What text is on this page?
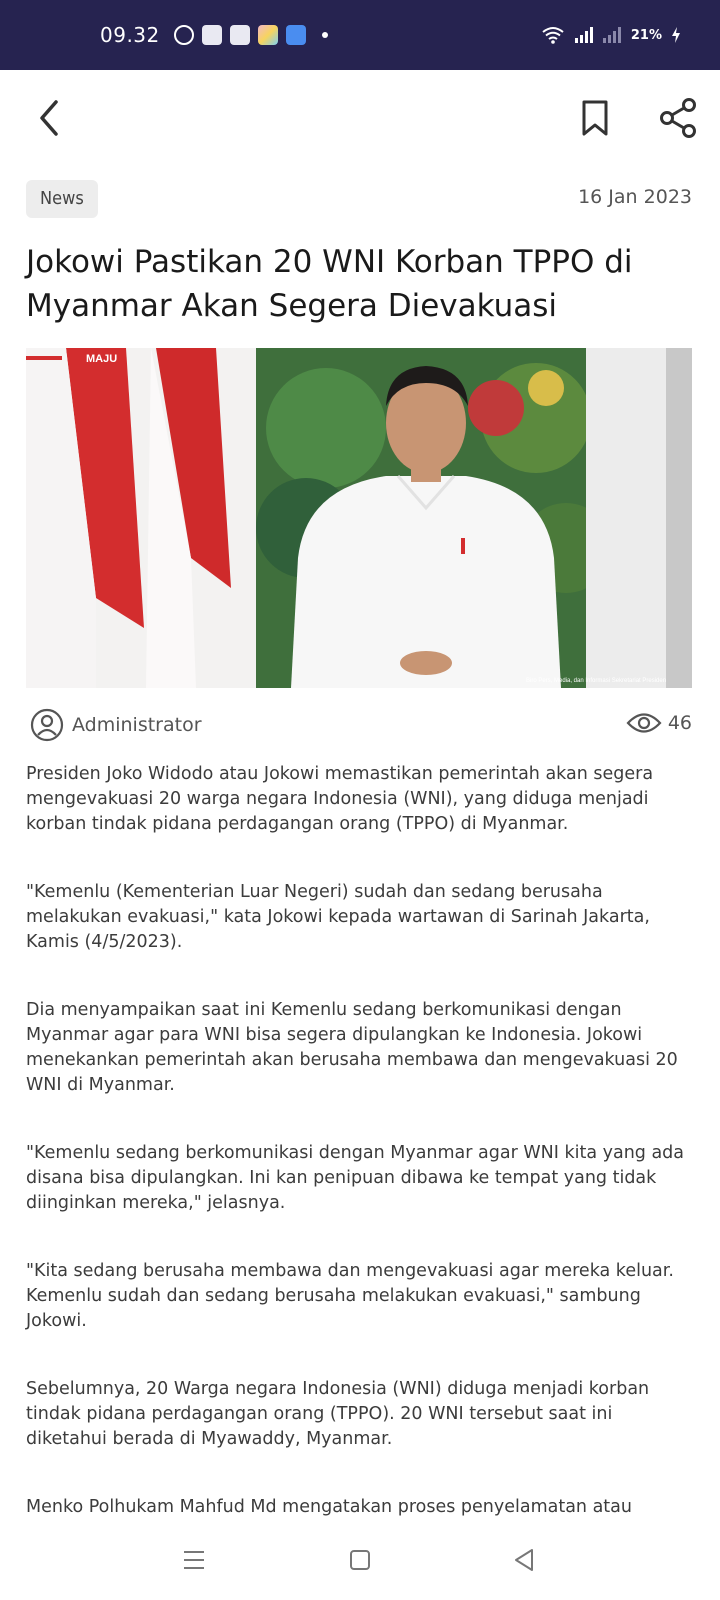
09.32	21%
News	16 Jan 2023
Jokowi Pastikan 20 WNI Korban TPPO di Myanmar Akan Segera Dievakuasi
MAJU
Biro Pers, Media, dan Informasi Sekretariat Presiden
Administrator	46

Presiden Joko Widodo atau Jokowi memastikan pemerintah akan segera mengevakuasi 20 warga negara Indonesia (WNI), yang diduga menjadi korban tindak pidana perdagangan orang (TPPO) di Myanmar.

"Kemenlu (Kementerian Luar Negeri) sudah dan sedang berusaha melakukan evakuasi," kata Jokowi kepada wartawan di Sarinah Jakarta, Kamis (4/5/2023).

Dia menyampaikan saat ini Kemenlu sedang berkomunikasi dengan Myanmar agar para WNI bisa segera dipulangkan ke Indonesia. Jokowi menekankan pemerintah akan berusaha membawa dan mengevakuasi 20 WNI di Myanmar.

"Kemenlu sedang berkomunikasi dengan Myanmar agar WNI kita yang ada disana bisa dipulangkan. Ini kan penipuan dibawa ke tempat yang tidak diinginkan mereka," jelasnya.

"Kita sedang berusaha membawa dan mengevakuasi agar mereka keluar. Kemenlu sudah dan sedang berusaha melakukan evakuasi," sambung Jokowi.

Sebelumnya, 20 Warga negara Indonesia (WNI) diduga menjadi korban tindak pidana perdagangan orang (TPPO). 20 WNI tersebut saat ini diketahui berada di Myawaddy, Myanmar.

Menko Polhukam Mahfud Md mengatakan proses penyelamatan atau
